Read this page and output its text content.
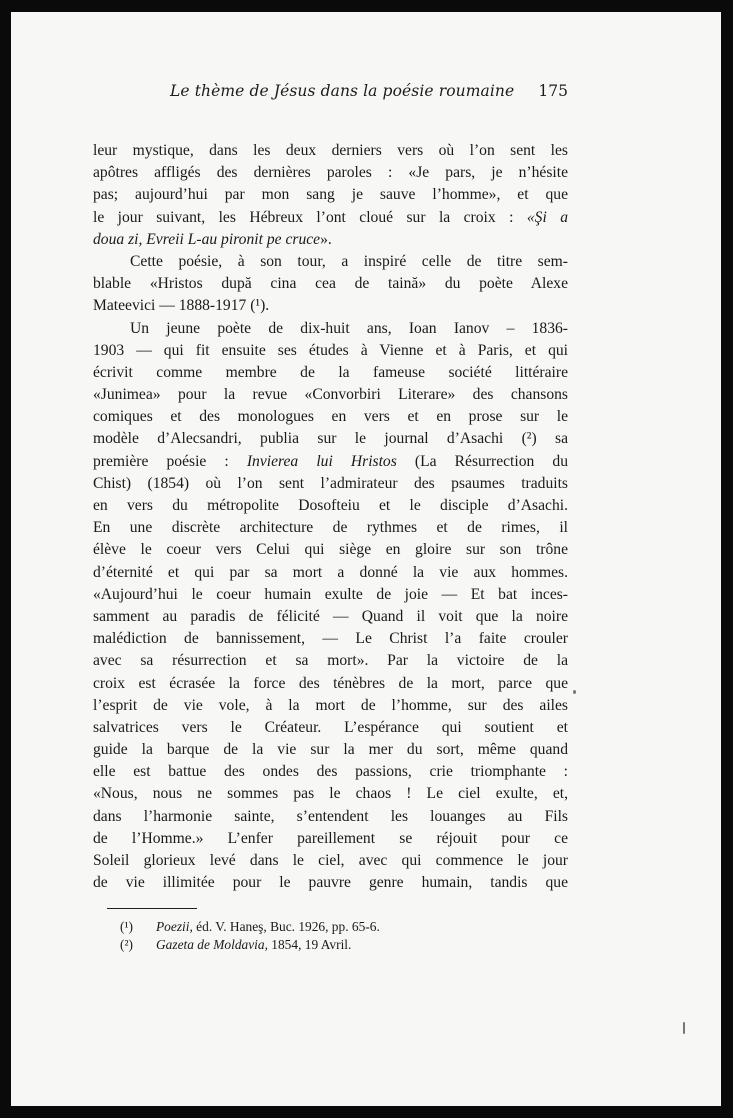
Le thème de Jésus dans la poésie roumaine 175
leur mystique, dans les deux derniers vers où l’on sent les
apôtres affligés des dernières paroles : «Je pars, je n’hésite
pas; aujourd’hui par mon sang je sauve l’homme», et que
le jour suivant, les Hébreux l’ont cloué sur la croix : «Şi a
doua zi, Evreii L-au pironit pe cruce».
Cette poésie, à son tour, a inspiré celle de titre sem-
blable «Hristos după cina cea de taină» du poète Alexe
Mateevici — 1888-1917 (¹).
Un jeune poète de dix-huit ans, Ioan Ianov – 1836-
1903 — qui fit ensuite ses études à Vienne et à Paris, et qui
écrivit comme membre de la fameuse société littéraire
«Junimea» pour la revue «Convorbiri Literare» des chansons
comiques et des monologues en vers et en prose sur le
modèle d’Alecsandri, publia sur le journal d’Asachi (²) sa
première poésie : Invierea lui Hristos (La Résurrection du
Chist) (1854) où l’on sent l’admirateur des psaumes traduits
en vers du métropolite Dosofteiu et le disciple d’Asachi.
En une discrète architecture de rythmes et de rimes, il
élève le coeur vers Celui qui siège en gloire sur son trône
d’éternité et qui par sa mort a donné la vie aux hommes.
«Aujourd’hui le coeur humain exulte de joie — Et bat inces-
samment au paradis de félicité — Quand il voit que la noire
malédiction de bannissement, — Le Christ l’a faite crouler
avec sa résurrection et sa mort». Par la victoire de la
croix est écrasée la force des ténèbres de la mort, parce que
l’esprit de vie vole, à la mort de l’homme, sur des ailes
salvatrices vers le Créateur. L’espérance qui soutient et
guide la barque de la vie sur la mer du sort, même quand
elle est battue des ondes des passions, crie triomphante :
«Nous, nous ne sommes pas le chaos ! Le ciel exulte, et,
dans l’harmonie sainte, s’entendent les louanges au Fils
de l’Homme.» L’enfer pareillement se réjouit pour ce
Soleil glorieux levé dans le ciel, avec qui commence le jour
de vie illimitée pour le pauvre genre humain, tandis que
(¹) Poezii, éd. V. Haneş, Buc. 1926, pp. 65-6.
(²) Gazeta de Moldavia, 1854, 19 Avril.
